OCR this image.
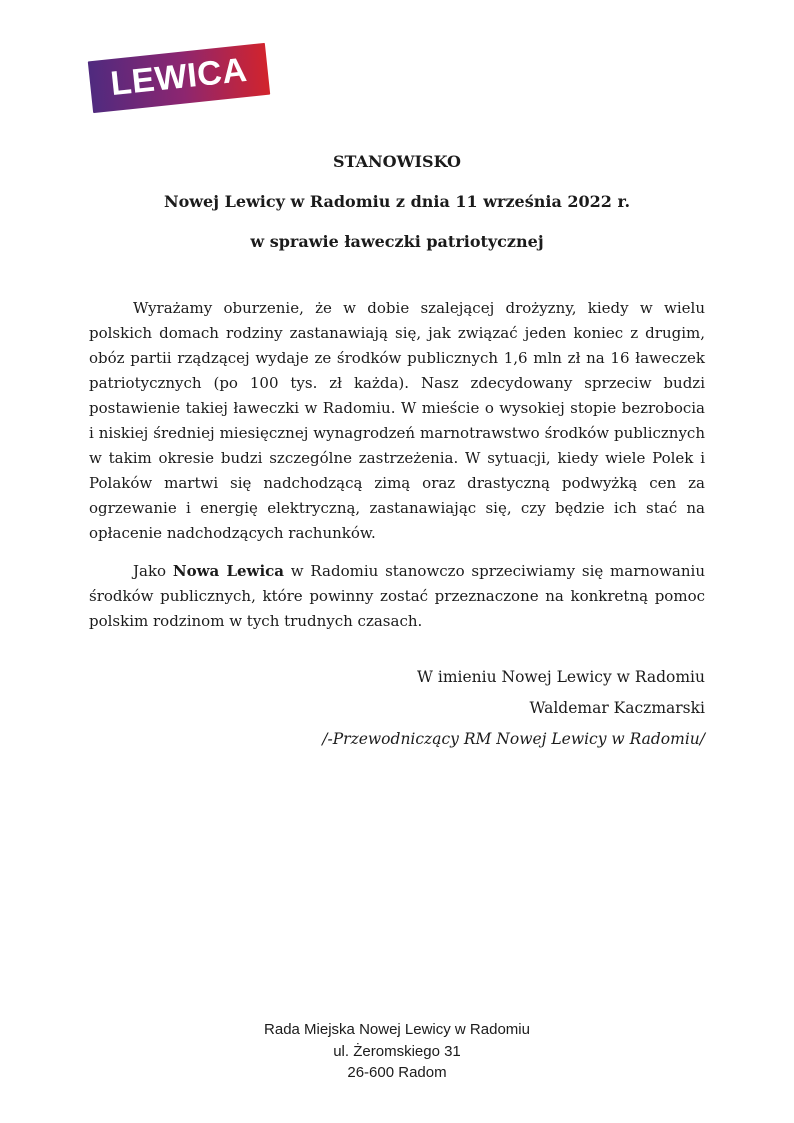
LEWICA
STANOWISKO
Nowej Lewicy w Radomiu z dnia 11 września 2022 r.
w sprawie ławeczki patriotycznej

Wyrażamy oburzenie, że w dobie szalejącej drożyzny, kiedy w wielu polskich domach rodziny zastanawiają się, jak związać jeden koniec z drugim, obóz partii rządzącej wydaje ze środków publicznych 1,6 mln zł na 16 ławeczek patriotycznych (po 100 tys. zł każda). Nasz zdecydowany sprzeciw budzi postawienie takiej ławeczki w Radomiu. W mieście o wysokiej stopie bezrobocia i niskiej średniej miesięcznej wynagrodzeń marnotrawstwo środków publicznych w takim okresie budzi szczególne zastrzeżenia. W sytuacji, kiedy wiele Polek i Polaków martwi się nadchodzącą zimą oraz drastyczną podwyżką cen za ogrzewanie i energię elektryczną, zastanawiając się, czy będzie ich stać na opłacenie nadchodzących rachunków.

Jako Nowa Lewica w Radomiu stanowczo sprzeciwiamy się marnowaniu środków publicznych, które powinny zostać przeznaczone na konkretną pomoc polskim rodzinom w tych trudnych czasach.

W imieniu Nowej Lewicy w Radomiu
Waldemar Kaczmarski
/-Przewodniczący RM Nowej Lewicy w Radomiu/
Rada Miejska Nowej Lewicy w Radomiu
ul. Żeromskiego 31
26-600 Radom
